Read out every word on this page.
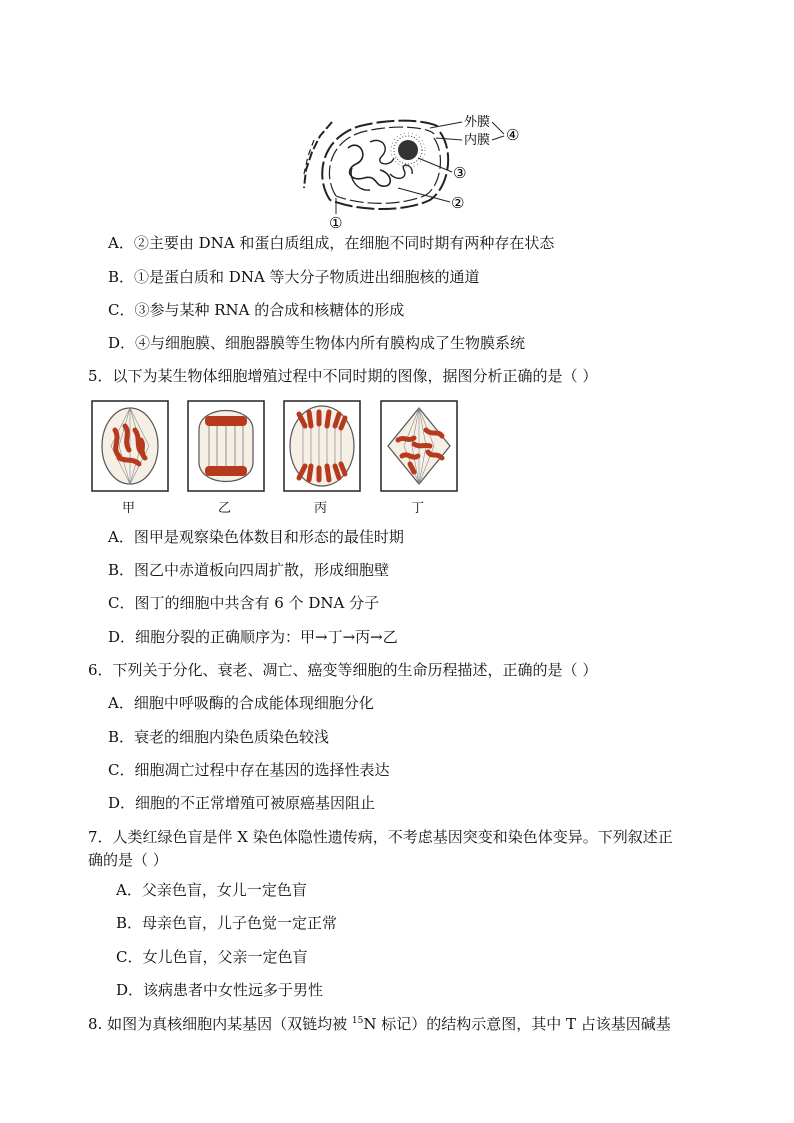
外膜
内膜 ④
③
②
①
A．②主要由 DNA 和蛋白质组成，在细胞不同时期有两种存在状态
B．①是蛋白质和 DNA 等大分子物质进出细胞核的通道
C．③参与某种 RNA 的合成和核糖体的形成
D．④与细胞膜、细胞器膜等生物体内所有膜构成了生物膜系统
5．以下为某生物体细胞增殖过程中不同时期的图像，据图分析正确的是（ ）
甲	乙	丙	丁
A．图甲是观察染色体数目和形态的最佳时期
B．图乙中赤道板向四周扩散，形成细胞壁
C．图丁的细胞中共含有 6 个 DNA 分子
D．细胞分裂的正确顺序为：甲→丁→丙→乙
6．下列关于分化、衰老、凋亡、癌变等细胞的生命历程描述，正确的是（ ）
A．细胞中呼吸酶的合成能体现细胞分化
B．衰老的细胞内染色质染色较浅
C．细胞凋亡过程中存在基因的选择性表达
D．细胞的不正常增殖可被原癌基因阻止
7．人类红绿色盲是伴 X 染色体隐性遗传病，不考虑基因突变和染色体变异。下列叙述正
确的是（ ）
A．父亲色盲，女儿一定色盲
B．母亲色盲，儿子色觉一定正常
C．女儿色盲，父亲一定色盲
D．该病患者中女性远多于男性
8. 如图为真核细胞内某基因（双链均被 $^{15}$N 标记）的结构示意图，其中 T 占该基因碱基
